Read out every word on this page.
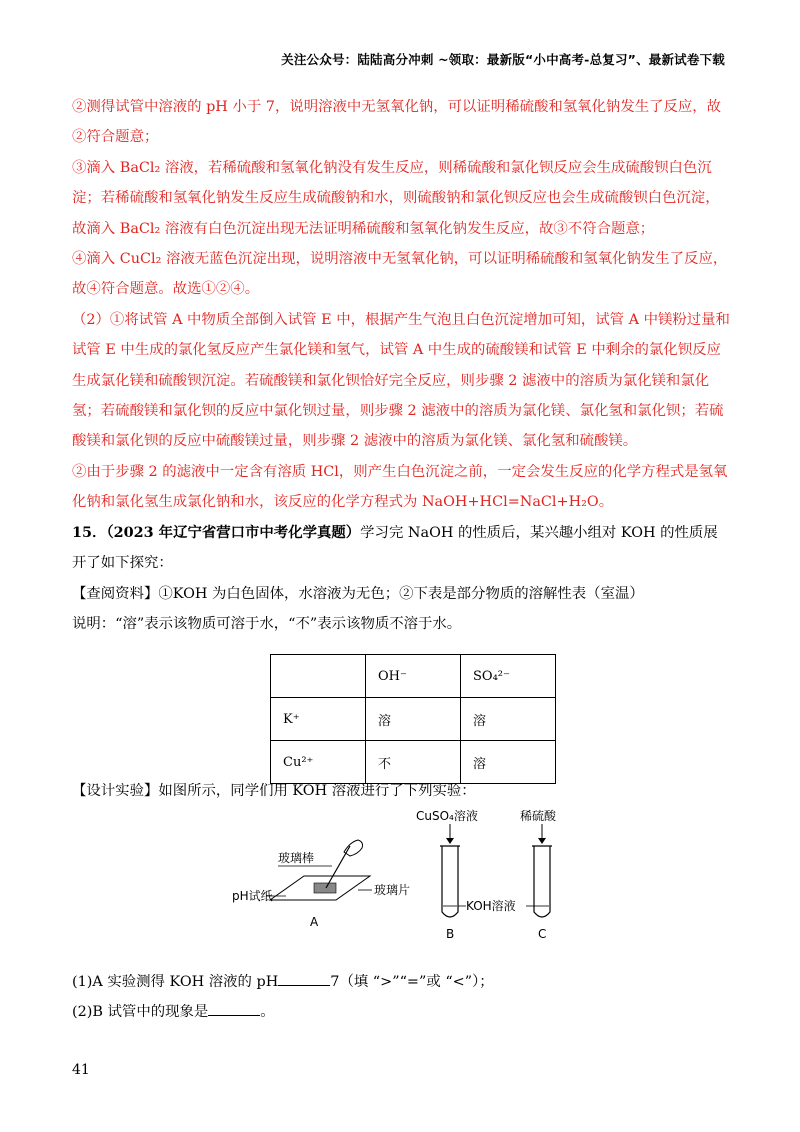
关注公众号：陆陆高分冲刺 ~领取：最新版“小中高考-总复习”、最新试卷下载

②测得试管中溶液的 pH 小于 7，说明溶液中无氢氧化钠，可以证明稀硫酸和氢氧化钠发生了反应，故②符合题意；

③滴入 BaCl₂ 溶液，若稀硫酸和氢氧化钠没有发生反应，则稀硫酸和氯化钡反应会生成硫酸钡白色沉淀；若稀硫酸和氢氧化钠发生反应生成硫酸钠和水，则硫酸钠和氯化钡反应也会生成硫酸钡白色沉淀，故滴入 BaCl₂ 溶液有白色沉淀出现无法证明稀硫酸和氢氧化钠发生反应，故③不符合题意；

④滴入 CuCl₂ 溶液无蓝色沉淀出现，说明溶液中无氢氧化钠，可以证明稀硫酸和氢氧化钠发生了反应，故④符合题意。故选①②④。

（2）①将试管 A 中物质全部倒入试管 E 中，根据产生气泡且白色沉淀增加可知，试管 A 中镁粉过量和试管 E 中生成的氯化氢反应产生氯化镁和氢气，试管 A 中生成的硫酸镁和试管 E 中剩余的氯化钡反应生成氯化镁和硫酸钡沉淀。若硫酸镁和氯化钡恰好完全反应，则步骤 2 滤液中的溶质为氯化镁和氯化氢；若硫酸镁和氯化钡的反应中氯化钡过量，则步骤 2 滤液中的溶质为氯化镁、氯化氢和氯化钡；若硫酸镁和氯化钡的反应中硫酸镁过量，则步骤 2 滤液中的溶质为氯化镁、氯化氢和硫酸镁。

②由于步骤 2 的滤液中一定含有溶质 HCl，则产生白色沉淀之前，一定会发生反应的化学方程式是氢氧化钠和氯化氢生成氯化钠和水，该反应的化学方程式为 NaOH+HCl=NaCl+H₂O。

15．（2023 年辽宁省营口市中考化学真题）学习完 NaOH 的性质后，某兴趣小组对 KOH 的性质展开了如下探究：

【查阅资料】①KOH 为白色固体，水溶液为无色；②下表是部分物质的溶解性表（室温）

说明：“溶”表示该物质可溶于水，“不”表示该物质不溶于水。

	OH⁻	SO₄²⁻
K⁺	溶	溶
Cu²⁺	不	溶
【设计实验】如图所示，同学们用 KOH 溶液进行了下列实验：
玻璃棒
pH试纸	玻璃片
A
CuSO₄溶液
KOH溶液
B
稀硫酸
C
(1)A 实验测得 KOH 溶液的 pH	7（填 “>”“=”或 “<”）；
(2)B 试管中的现象是	。
41
